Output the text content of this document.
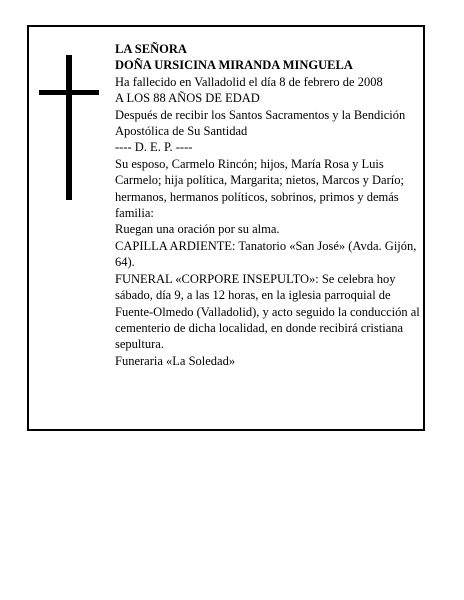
LA SEÑORA

DOÑA URSICINA MIRANDA MINGUELA

Ha fallecido en Valladolid el día 8 de febrero de 2008

A LOS 88 AÑOS DE EDAD

Después de recibir los Santos Sacramentos y la Bendición Apostólica de Su Santidad

---- D. E. P. ----

Su esposo, Carmelo Rincón; hijos, María Rosa y Luis Carmelo; hija política, Margarita; nietos, Marcos y Darío; hermanos, hermanos políticos, sobrinos, primos y demás familia:

Ruegan una oración por su alma.

CAPILLA ARDIENTE: Tanatorio «San José» (Avda. Gijón, 64).

FUNERAL «CORPORE INSEPULTO»: Se celebra hoy sábado, día 9, a las 12 horas, en la iglesia parroquial de Fuente-Olmedo (Valladolid), y acto seguido la conducción al cementerio de dicha localidad, en donde recibirá cristiana sepultura.

Funeraria «La Soledad»
